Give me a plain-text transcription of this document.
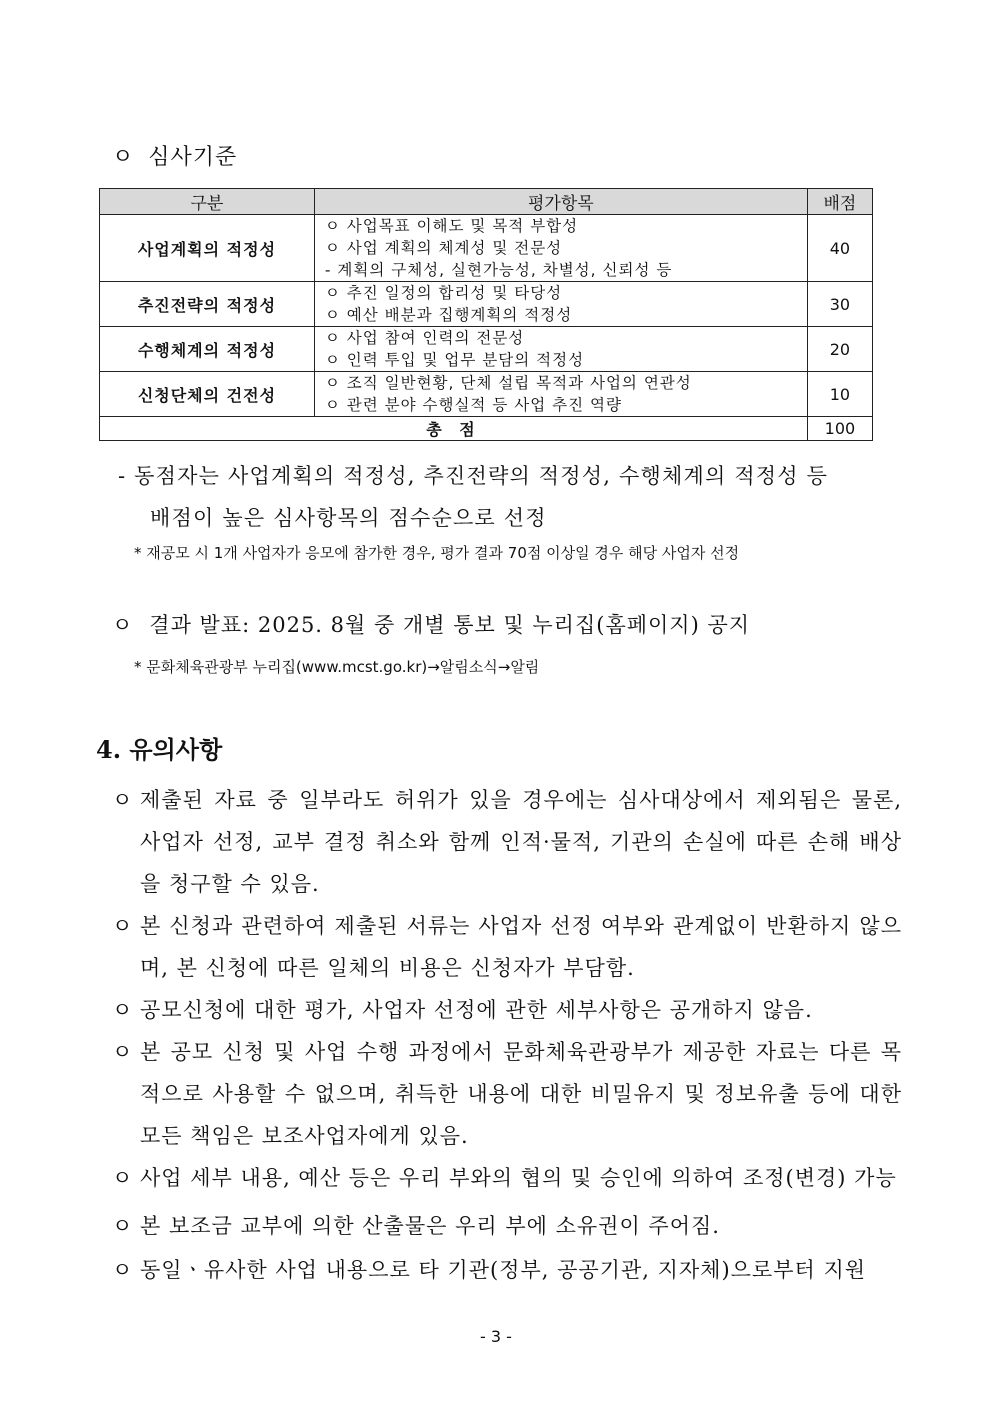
ㅇ 심사기준
구분	평가항목	배점
사업계획의 적정성	ㅇ 사업목표 이해도 및 목적 부합성
ㅇ 사업 계획의 체계성 및 전문성
- 계획의 구체성, 실현가능성, 차별성, 신뢰성 등	40
추진전략의 적정성	ㅇ 추진 일정의 합리성 및 타당성
ㅇ 예산 배분과 집행계획의 적정성	30
수행체계의 적정성	ㅇ 사업 참여 인력의 전문성
ㅇ 인력 투입 및 업무 분담의 적정성	20
신청단체의 건전성	ㅇ 조직 일반현황, 단체 설립 목적과 사업의 연관성
ㅇ 관련 분야 수행실적 등 사업 추진 역량	10
총 점		100
- 동점자는 사업계획의 적정성, 추진전략의 적정성, 수행체계의 적정성 등
배점이 높은 심사항목의 점수순으로 선정
* 재공모 시 1개 사업자가 응모에 참가한 경우, 평가 결과 70점 이상일 경우 해당 사업자 선정
ㅇ 결과 발표: 2025. 8월 중 개별 통보 및 누리집(홈페이지) 공지
* 문화체육관광부 누리집(www.mcst.go.kr)→알림소식→알림
4. 유의사항
ㅇ 제출된 자료 중 일부라도 허위가 있을 경우에는 심사대상에서 제외됨은 물론, 사업자 선정, 교부 결정 취소와 함께 인적·물적, 기관의 손실에 따른 손해 배상을 청구할 수 있음.
ㅇ 본 신청과 관련하여 제출된 서류는 사업자 선정 여부와 관계없이 반환하지 않으며, 본 신청에 따른 일체의 비용은 신청자가 부담함.
ㅇ 공모신청에 대한 평가, 사업자 선정에 관한 세부사항은 공개하지 않음.
ㅇ 본 공모 신청 및 사업 수행 과정에서 문화체육관광부가 제공한 자료는 다른 목적으로 사용할 수 없으며, 취득한 내용에 대한 비밀유지 및 정보유출 등에 대한 모든 책임은 보조사업자에게 있음.
ㅇ 사업 세부 내용, 예산 등은 우리 부와의 협의 및 승인에 의하여 조정(변경) 가능
ㅇ 본 보조금 교부에 의한 산출물은 우리 부에 소유권이 주어짐.
ㅇ 동일ㆍ유사한 사업 내용으로 타 기관(정부, 공공기관, 지자체)으로부터 지원
- 3 -
